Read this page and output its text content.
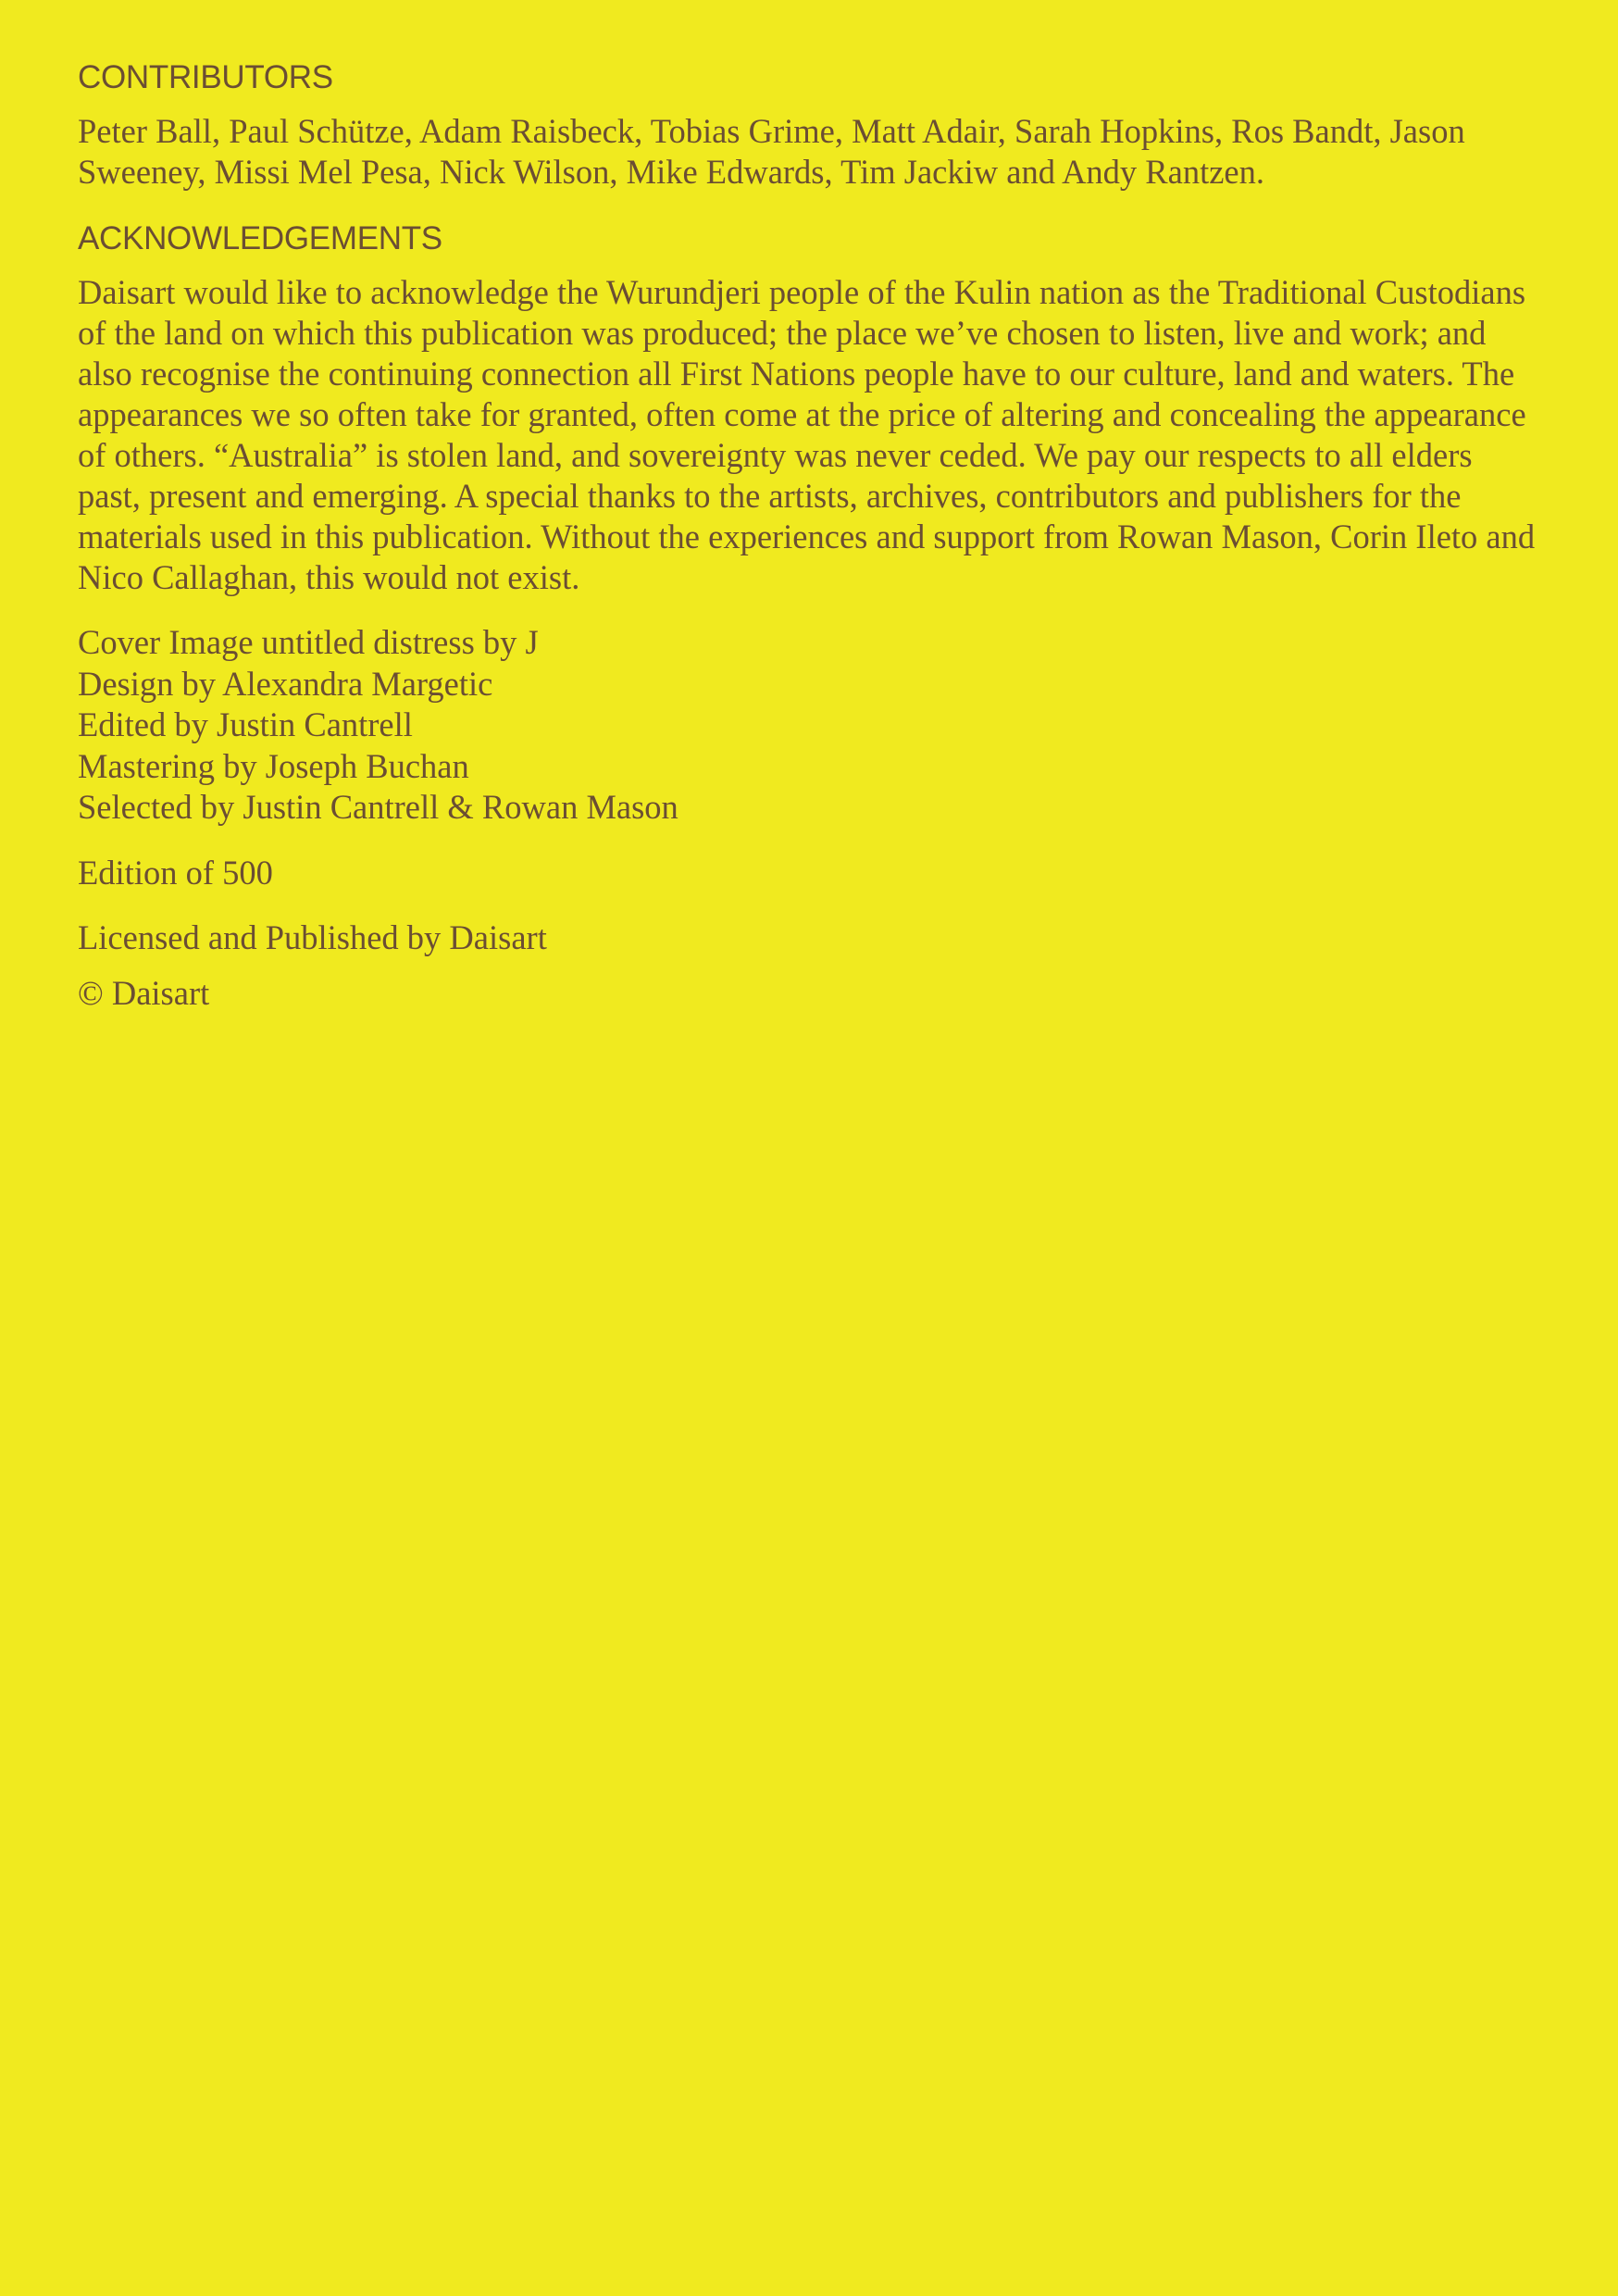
CONTRIBUTORS

Peter Ball, Paul Schütze, Adam Raisbeck, Tobias Grime, Matt Adair, Sarah Hopkins, Ros Bandt, Jason Sweeney, Missi Mel Pesa, Nick Wilson, Mike Edwards, Tim Jackiw and Andy Rantzen.

ACKNOWLEDGEMENTS

Daisart would like to acknowledge the Wurundjeri people of the Kulin nation as the Traditional Custodians of the land on which this publication was produced; the place we’ve chosen to listen, live and work; and also recognise the continuing connection all First Nations people have to our culture, land and waters. The appearances we so often take for granted, often come at the price of altering and concealing the appearance of others. “Australia” is stolen land, and sovereignty was never ceded. We pay our respects to all elders past, present and emerging. A special thanks to the artists, archives, contributors and publishers for the materials used in this publication. Without the experiences and support from Rowan Mason, Corin Ileto and Nico Callaghan, this would not exist.

Cover Image untitled distress by J
Design by Alexandra Margetic
Edited by Justin Cantrell
Mastering by Joseph Buchan
Selected by Justin Cantrell & Rowan Mason

Edition of 500

Licensed and Published by Daisart

© Daisart
